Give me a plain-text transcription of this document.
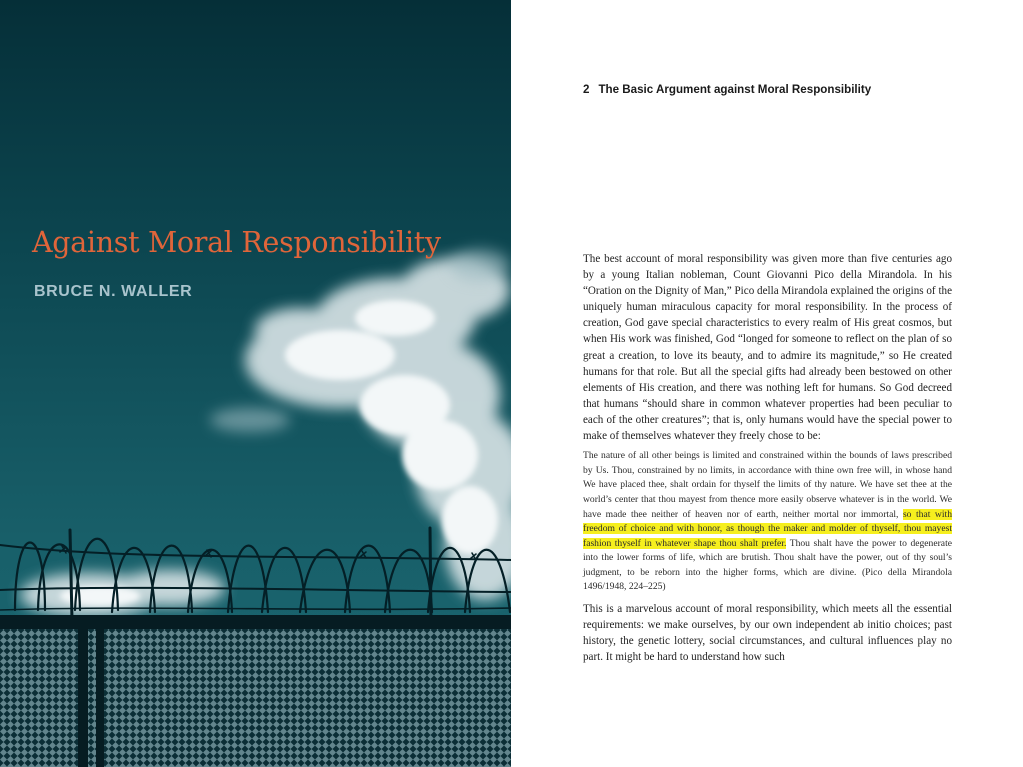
Against Moral Responsibility
BRUCE N. WALLER
2 The Basic Argument against Moral Responsibility

The best account of moral responsibility was given more than five centuries ago by a young Italian nobleman, Count Giovanni Pico della Mirandola. In his “Oration on the Dignity of Man,” Pico della Mirandola explained the origins of the uniquely human miraculous capacity for moral responsibility. In the process of creation, God gave special characteristics to every realm of His great cosmos, but when His work was finished, God “longed for someone to reflect on the plan of so great a creation, to love its beauty, and to admire its magnitude,” so He created humans for that role. But all the special gifts had already been bestowed on other elements of His creation, and there was nothing left for humans. So God decreed that humans “should share in common whatever properties had been peculiar to each of the other creatures”; that is, only humans would have the special power to make of themselves whatever they freely chose to be:

The nature of all other beings is limited and constrained within the bounds of laws prescribed by Us. Thou, constrained by no limits, in accordance with thine own free will, in whose hand We have placed thee, shalt ordain for thyself the limits of thy nature. We have set thee at the world’s center that thou mayest from thence more easily observe whatever is in the world. We have made thee neither of heaven nor of earth, neither mortal nor immortal, so that with freedom of choice and with honor, as though the maker and molder of thyself, thou mayest fashion thyself in whatever shape thou shalt prefer. Thou shalt have the power to degenerate into the lower forms of life, which are brutish. Thou shalt have the power, out of thy soul’s judgment, to be reborn into the higher forms, which are divine. (Pico della Mirandola 1496/1948, 224–225)

This is a marvelous account of moral responsibility, which meets all the essential requirements: we make ourselves, by our own independent ab initio choices; past history, the genetic lottery, social circumstances, and cultural influences play no part. It might be hard to understand how such
